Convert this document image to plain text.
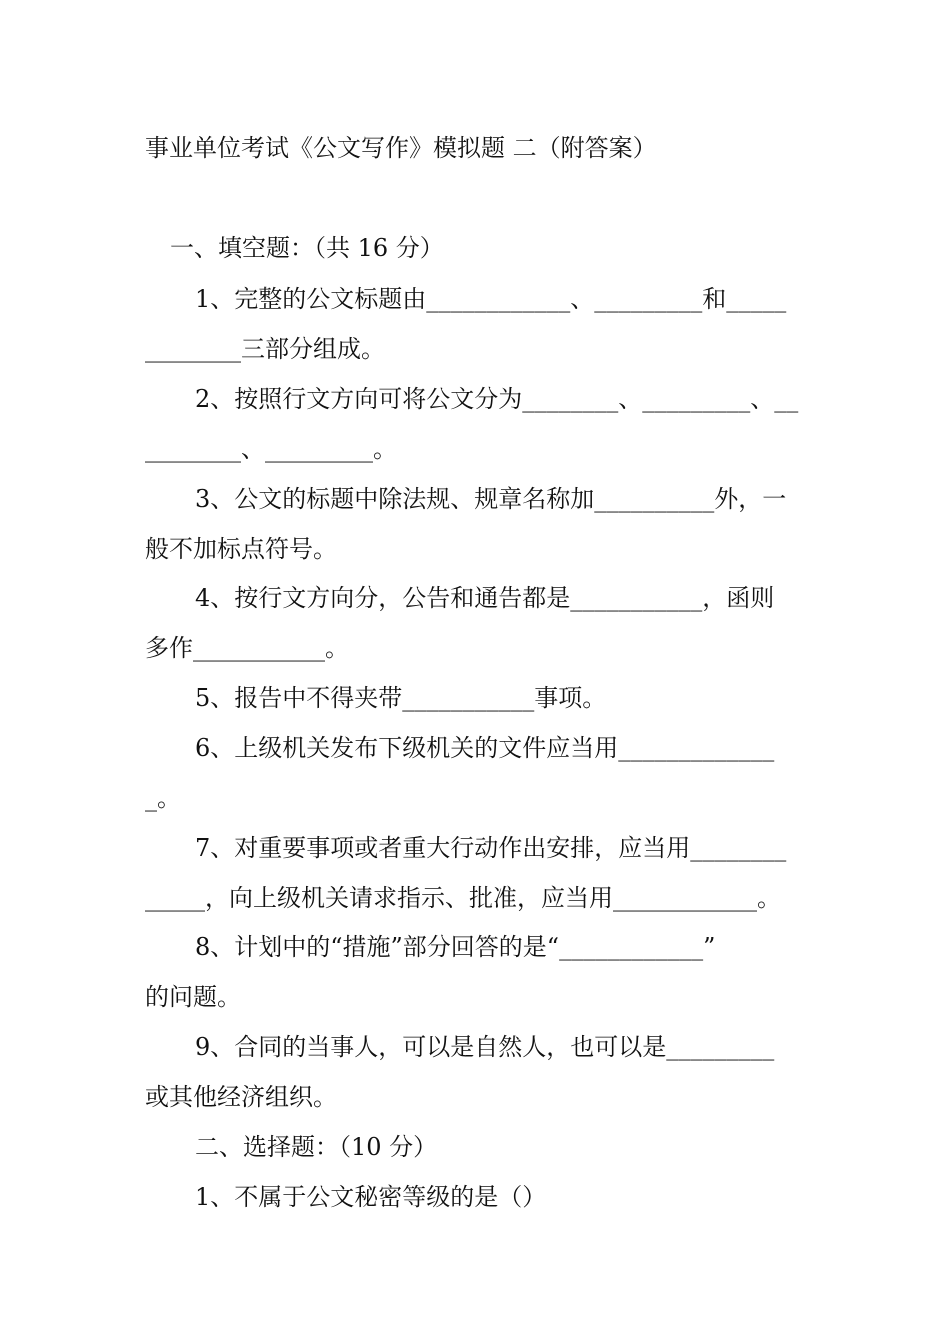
事业单位考试《公文写作》模拟题 二（附答案）
一、填空题：（共 16 分）
1、完整的公文标题由____________、_________和_____
________三部分组成。
2、按照行文方向可将公文分为________、_________、__
________、_________。
3、公文的标题中除法规、规章名称加__________外，一
般不加标点符号。
4、按行文方向分，公告和通告都是___________，函则
多作___________。
5、报告中不得夹带___________事项。
6、上级机关发布下级机关的文件应当用_____________
_。
7、对重要事项或者重大行动作出安排，应当用________
_____，向上级机关请求指示、批准，应当用____________。
8、计划中的“措施”部分回答的是“____________”
的问题。
9、合同的当事人，可以是自然人，也可以是_________
或其他经济组织。
二、选择题：（10 分）
1、不属于公文秘密等级的是（）
